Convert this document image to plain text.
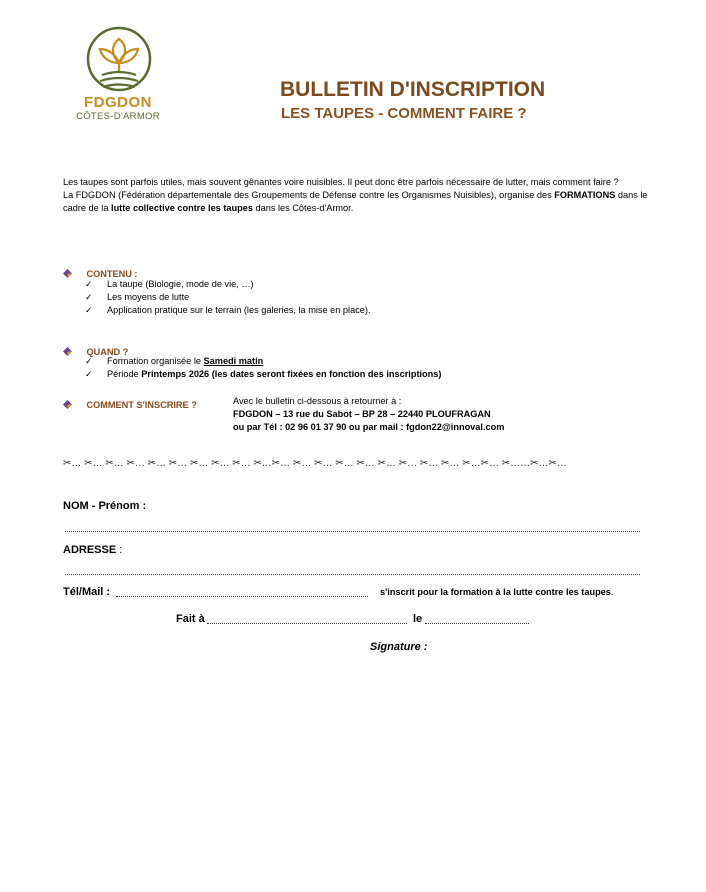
FDGDON
CÔTES-D'ARMOR
BULLETIN D'INSCRIPTION
LES TAUPES - COMMENT FAIRE ?
Les taupes sont parfois utiles, mais souvent gênantes voire nuisibles. Il peut donc être parfois nécessaire de lutter, mais comment faire ?
La FDGDON (Fédération départementale des Groupements de Défense contre les Organismes Nuisibles), organise des FORMATIONS dans le cadre de la lutte collective contre les taupes dans les Côtes-d'Armor.
CONTENU :
✓	La taupe (Biologie, mode de vie, …)
✓	Les moyens de lutte
✓	Application pratique sur le terrain (les galeries, la mise en place).
QUAND ?
✓	Formation organisée le Samedi matin
✓	Période Printemps 2026 (les dates seront fixées en fonction des inscriptions)
COMMENT S'INSCRIRE ?	Avec le bulletin ci-dessous à retourner à :
FDGDON – 13 rue du Sabot – BP 28 – 22440 PLOUFRAGAN
ou par Tél : 02 96 01 37 90 ou par mail : fgdon22@innoval.com
✂… ✂… ✂… ✂… ✂… ✂… ✂… ✂… ✂… ✂…✂… ✂… ✂… ✂… ✂… ✂… ✂… ✂… ✂… ✂…✂… ✂……✂…✂…
NOM - Prénom :
ADRESSE :
Tél/Mail :	s'inscrit pour la formation à la lutte contre les taupes.
Fait à	le
Signature :
